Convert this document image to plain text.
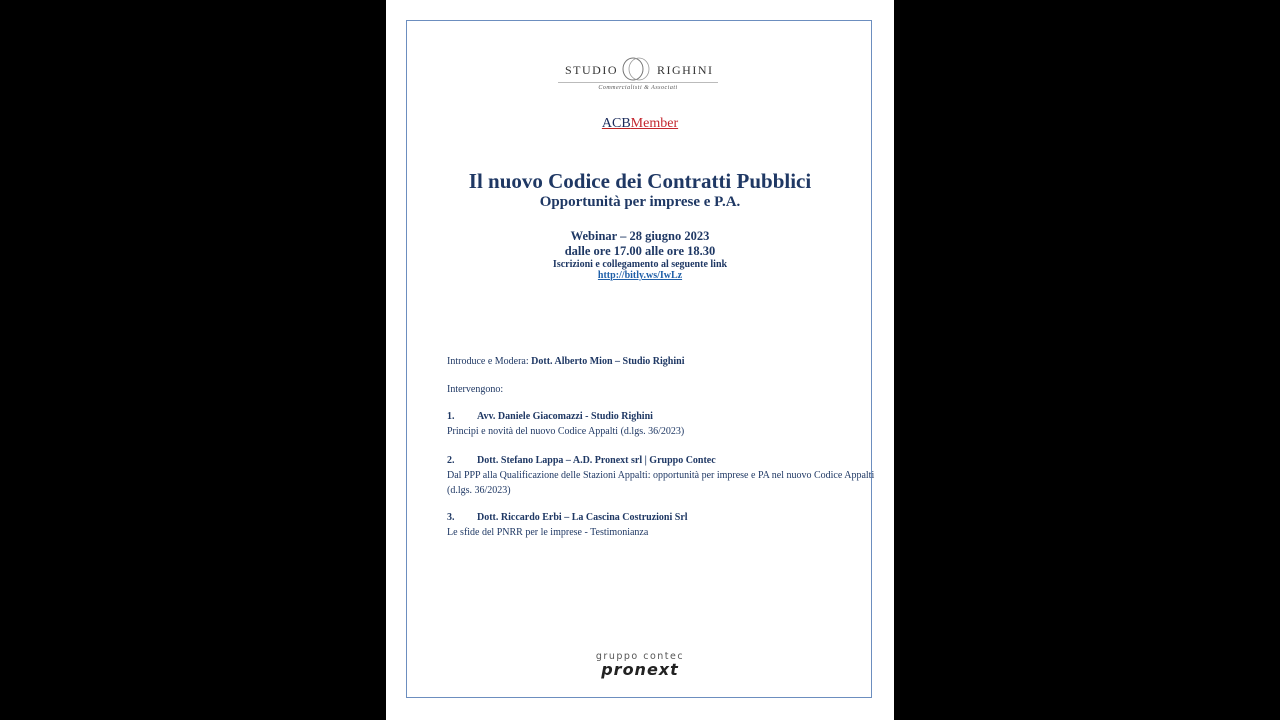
STUDIO	RIGHINI
Commercialisti & Associati
ACBMember
Il nuovo Codice dei Contratti Pubblici
Opportunità per imprese e P.A.
Webinar – 28 giugno 2023
dalle ore 17.00 alle ore 18.30
Iscrizioni e collegamento al seguente link
http://bitly.ws/IwLz
Introduce e Modera: Dott. Alberto Mion – Studio Righini
Intervengono:
1.	Avv. Daniele Giacomazzi - Studio Righini
Principi e novità del nuovo Codice Appalti (d.lgs. 36/2023)
2.	Dott. Stefano Lappa – A.D. Pronext srl | Gruppo Contec
Dal PPP alla Qualificazione delle Stazioni Appalti: opportunità per imprese e PA nel nuovo Codice Appalti (d.lgs. 36/2023)
3.	Dott. Riccardo Erbi – La Cascina Costruzioni Srl
Le sfide del PNRR per le imprese - Testimonianza
gruppo contec
pronext
